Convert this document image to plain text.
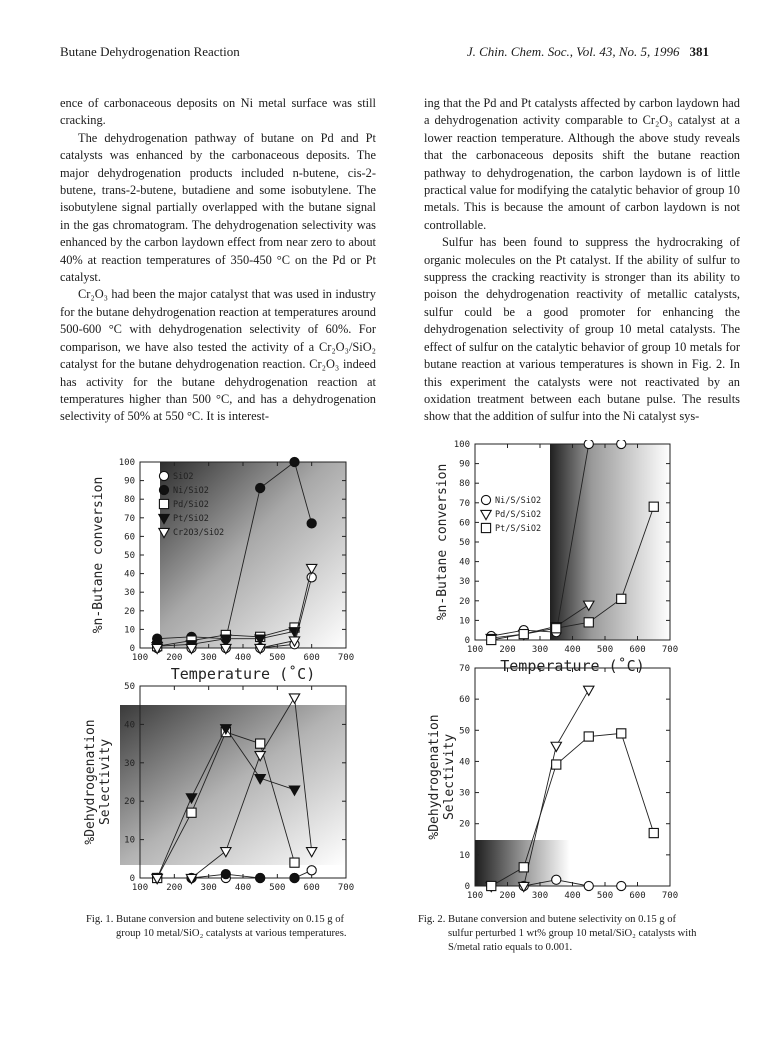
Butane Dehydrogenation Reaction	J. Chin. Chem. Soc., Vol. 43, No. 5, 1996 381

ence of carbonaceous deposits on Ni metal surface was still cracking.

The dehydrogenation pathway of butane on Pd and Pt catalysts was enhanced by the carbonaceous deposits. The major dehydrogenation products included n-butene, cis-2-butene, trans-2-butene, butadiene and some isobutylene. The isobutylene signal partially overlapped with the butane signal in the gas chromatogram. The dehydrogenation selectivity was enhanced by the carbon laydown effect from near zero to about 40% at reaction temperatures of 350-450 °C on the Pd or Pt catalyst.

Cr₂O₃ had been the major catalyst that was used in industry for the butane dehydrogenation reaction at temperatures around 500-600 °C with dehydrogenation selectivity of 60%. For comparison, we have also tested the activity of a Cr₂O₃/SiO₂ catalyst for the butane dehydrogenation reaction. Cr₂O₃ indeed has activity for the butane dehydrogenation reaction at temperatures higher than 500 °C, and has a dehydrogenation selectivity of 50% at 550 °C. It is interest-

ing that the Pd and Pt catalysts affected by carbon laydown had a dehydrogenation activity comparable to Cr₂O₃ catalyst at a lower reaction temperature. Although the above study reveals that the carbonaceous deposits shift the butane reaction pathway to dehydrogenation, the carbon laydown is of little practical value for modifying the catalytic behavior of group 10 metals. This is because the amount of carbon laydown is not controllable.

Sulfur has been found to suppress the hydrocraking of organic molecules on the Pt catalyst. If the ability of sulfur to suppress the cracking reactivity is stronger than its ability to poison the dehydrogenation reactivity of metallic catalysts, sulfur could be a good promoter for enhancing the dehydrogenation selectivity of group 10 metal catalysts. The effect of sulfur on the catalytic behavior of group 10 metals for butane reaction at various temperatures is shown in Fig. 2. In this experiment the catalysts were not reactivated by an oxidation treatment between each butane pulse. The results show that the addition of sulfur into the Ni catalyst sys-

100 200 300 400 500 600 700
0
10
20
30
40
50
60
70
80
90
100
%n-Butane conversion
Temperature (˚C)
SiO2
Ni/SiO2
Pd/SiO2
Pt/SiO2
Cr2O3/SiO2
100 200 300 400 500 600 700
0
10
20
30
40
50
%DehydrogenationSelectivity
100 200 300 400 500 600 700
0
10
20
30
40
50
60
70
80
90
100
%n-Butane conversion
Temperature (˚C)
Ni/S/SiO2
Pd/S/SiO2
Pt/S/SiO2
100 200 300 400 500 600 700
0
10
20
30
40
50
60
70
%DehydrogenationSelectivity
Fig. 1. Butane conversion and butene selectivity on 0.15 g of group 10 metal/SiO₂ catalysts at various temperatures.
Fig. 2. Butane conversion and butene selectivity on 0.15 g of sulfur perturbed 1 wt% group 10 metal/SiO₂ catalysts with S/metal ratio equals to 0.001.
